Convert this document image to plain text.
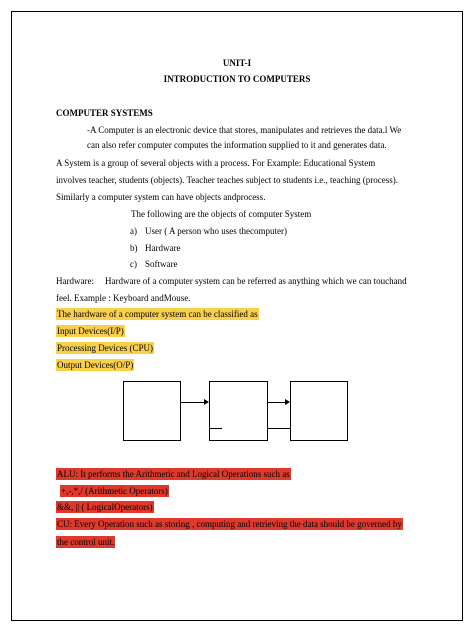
UNIT-I
INTRODUCTION TO COMPUTERS
COMPUTER SYSTEMS
-A Computer is an electronic device that stores, manipulates and retrieves the data.l We
can also refer computer computes the information supplied to it and generates data.
A System is a group of several objects with a process. For Example: Educational System
involves teacher, students (objects). Teacher teaches subject to students i.e., teaching (process).
Similarly a computer system can have objects andprocess.
The following are the objects of computer System
a) User ( A person who uses thecomputer)
b) Hardware
c) Software
Hardware: Hardware of a computer system can be referred as anything which we can touchand
feel. Example : Keyboard andMouse.
The hardware of a computer system can be classified as
Input Devices(I/P)
Processing Devices (CPU)
Output Devices(O/P)
ALU: It performs the Arithmetic and Logical Operations such as
+,-,*,/ (Arithmetic Operators)
&&, || ( LogicalOperators)
CU: Every Operation such as storing , computing and retrieving the data should be governed by
the control unit.
